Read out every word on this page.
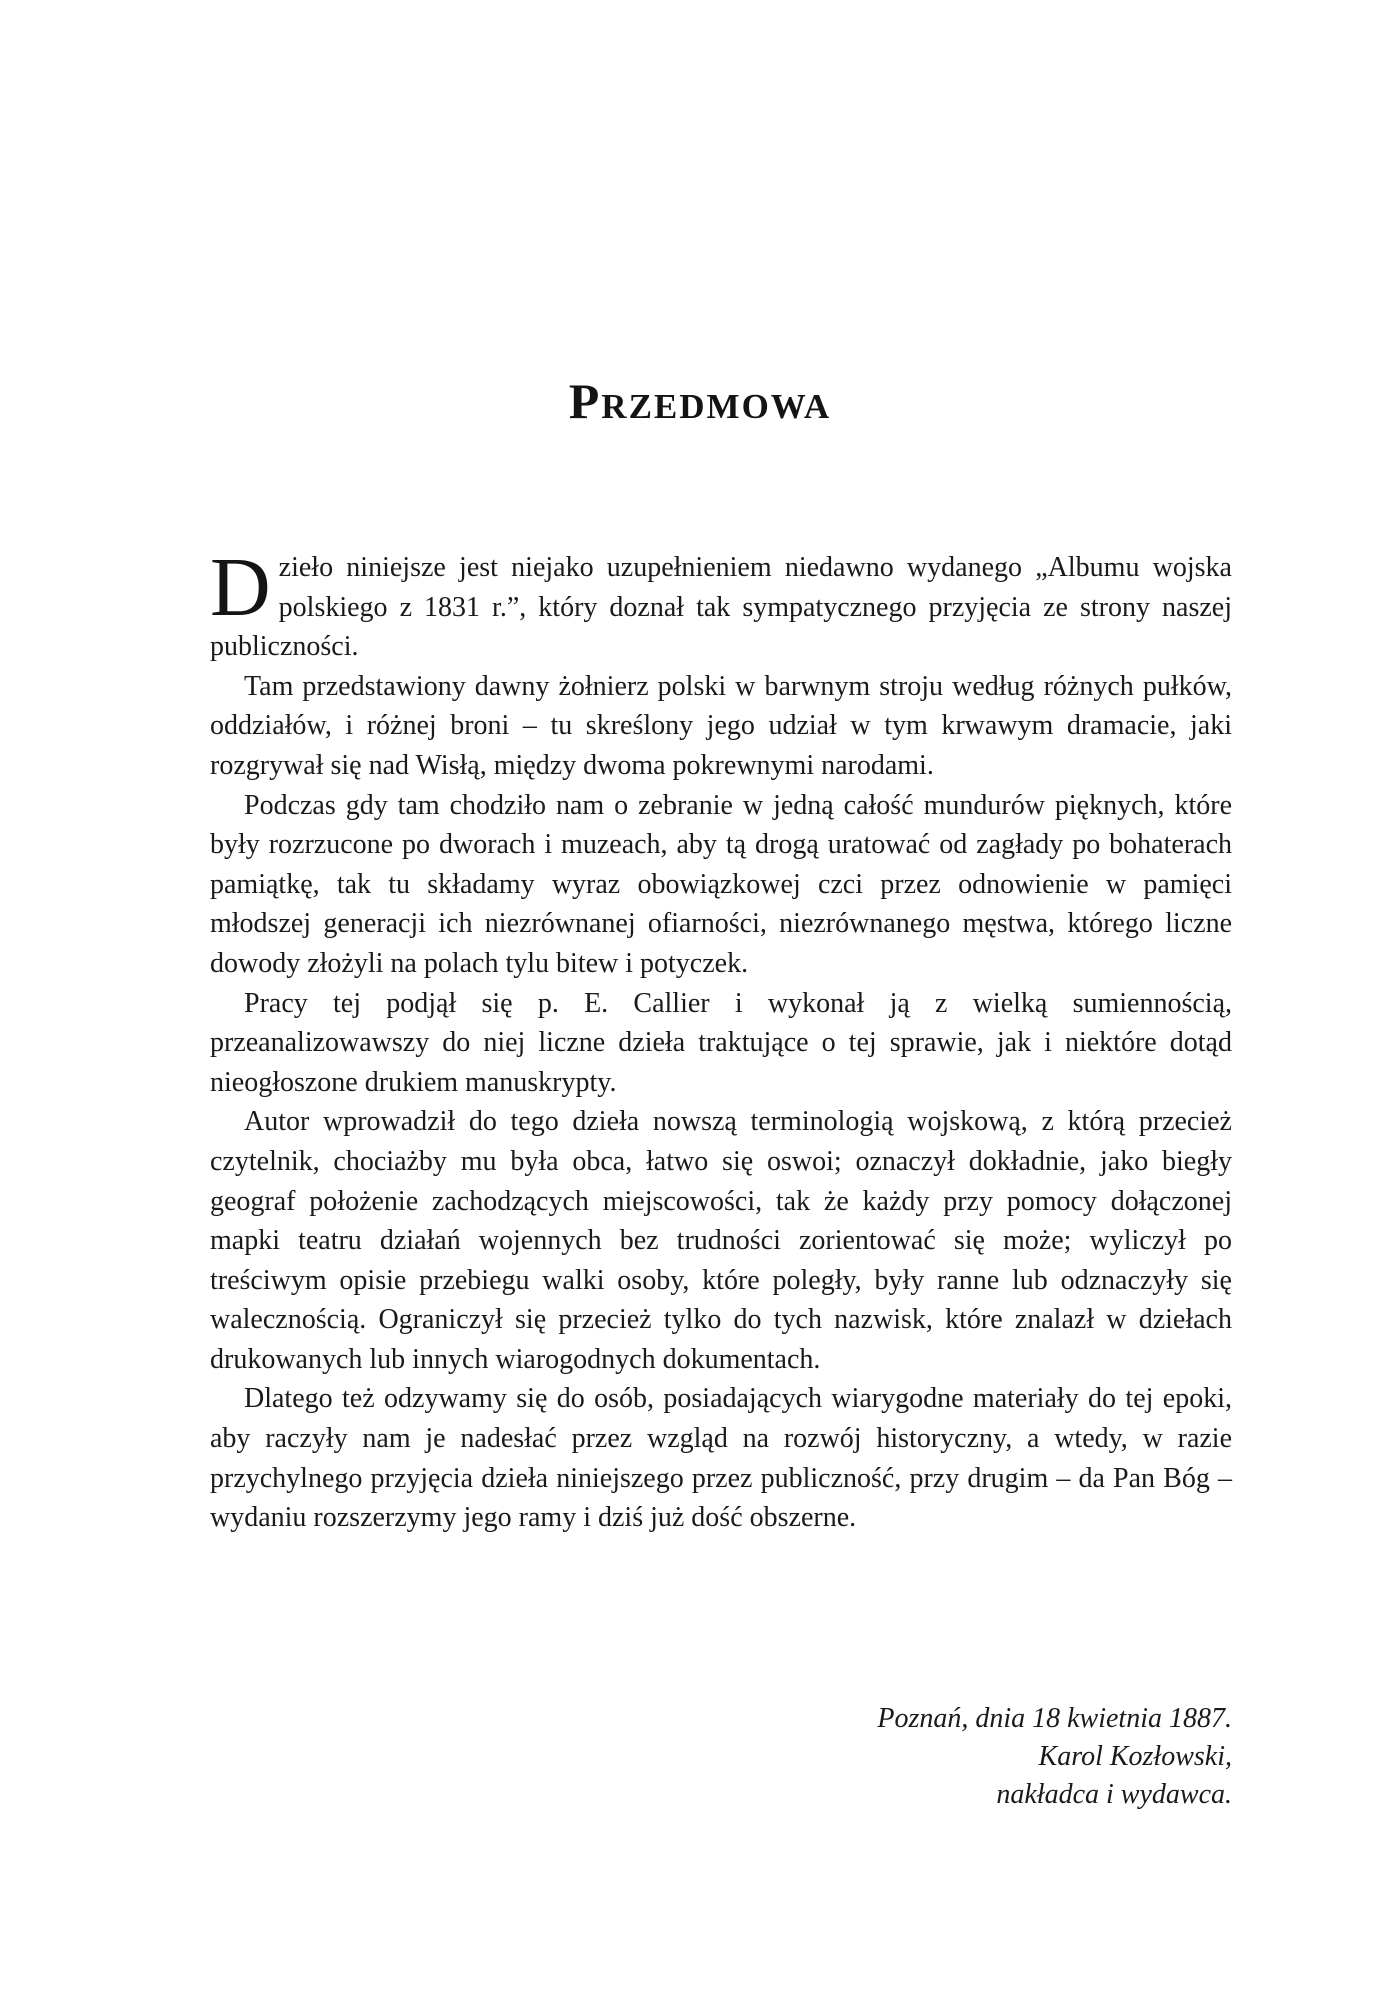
Przedmowa

Dzieło niniejsze jest niejako uzupełnieniem niedawno wydanego „Albumu wojska polskiego z 1831 r.”, który doznał tak sympatycznego przyjęcia ze strony naszej publiczności.

Tam przedstawiony dawny żołnierz polski w barwnym stroju według różnych pułków, oddziałów, i różnej broni – tu skreślony jego udział w tym krwawym dramacie, jaki rozgrywał się nad Wisłą, między dwoma pokrewnymi narodami.

Podczas gdy tam chodziło nam o zebranie w jedną całość mundurów pięknych, które były rozrzucone po dworach i muzeach, aby tą drogą uratować od zagłady po bohaterach pamiątkę, tak tu składamy wyraz obowiązkowej czci przez odnowienie w pamięci młodszej generacji ich niezrównanej ofiarności, niezrównanego męstwa, którego liczne dowody złożyli na polach tylu bitew i potyczek.

Pracy tej podjął się p. E. Callier i wykonał ją z wielką sumiennością, przeanalizowawszy do niej liczne dzieła traktujące o tej sprawie, jak i niektóre dotąd nieogłoszone drukiem manuskrypty.

Autor wprowadził do tego dzieła nowszą terminologią wojskową, z którą przecież czytelnik, chociażby mu była obca, łatwo się oswoi; oznaczył dokładnie, jako biegły geograf położenie zachodzących miejscowości, tak że każdy przy pomocy dołączonej mapki teatru działań wojennych bez trudności zorientować się może; wyliczył po treściwym opisie przebiegu walki osoby, które poległy, były ranne lub odznaczyły się walecznością. Ograniczył się przecież tylko do tych nazwisk, które znalazł w dziełach drukowanych lub innych wiarogodnych dokumentach.

Dlatego też odzywamy się do osób, posiadających wiarygodne materiały do tej epoki, aby raczyły nam je nadesłać przez wzgląd na rozwój historyczny, a wtedy, w razie przychylnego przyjęcia dzieła niniejszego przez publiczność, przy drugim – da Pan Bóg – wydaniu rozszerzymy jego ramy i dziś już dość obszerne.

Poznań, dnia 18 kwietnia 1887.
Karol Kozłowski,
nakładca i wydawca.
